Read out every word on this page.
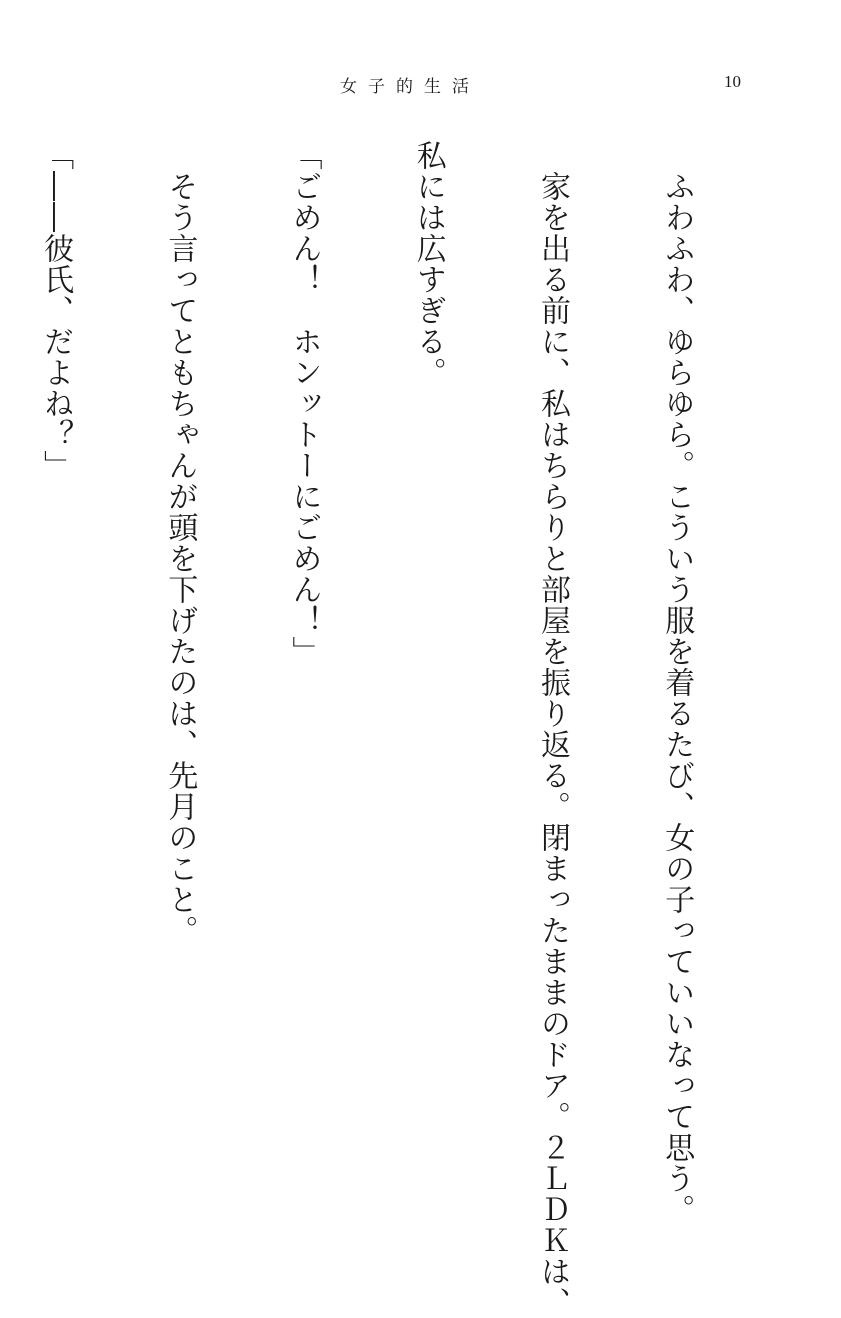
女子的生活	10

ふわふわ、ゆらゆら。こういう服を着るたび、女の子っていいなって思う。

家を出る前に、私はちらりと部屋を振り返る。閉まったままのドア。２ＬＤＫは、

私には広すぎる。

「ごめん！　ホンットーにごめん！」

そう言ってともちゃんが頭を下げたのは、先月のこと。

「――彼氏、だよね？」
